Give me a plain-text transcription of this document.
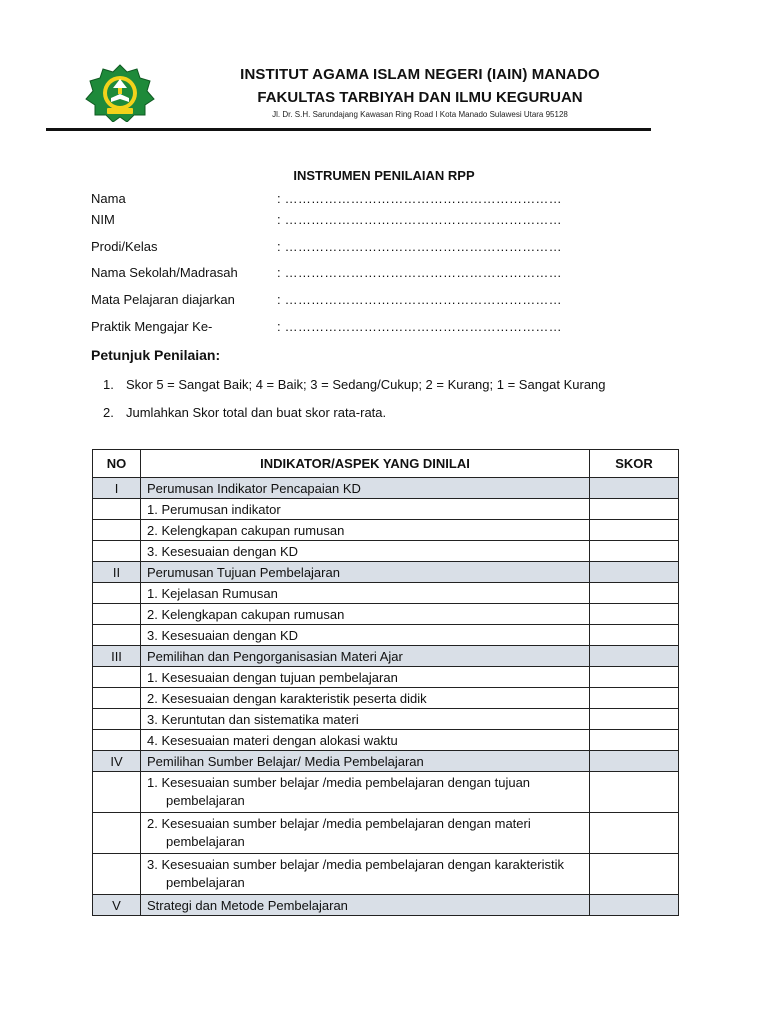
INSTITUT AGAMA ISLAM NEGERI (IAIN) MANADO
FAKULTAS TARBIYAH DAN ILMU KEGURUAN
Jl. Dr. S.H. Sarundajang Kawasan Ring Road I Kota Manado Sulawesi Utara 95128
INSTRUMEN PENILAIAN RPP
Nama	: ………………………………………………………
NIM	: ………………………………………………………
Prodi/Kelas	: ………………………………………………………
Nama Sekolah/Madrasah	: ………………………………………………………
Mata Pelajaran diajarkan	: ………………………………………………………
Praktik Mengajar Ke-	: ………………………………………………………
Petunjuk Penilaian:
1. Skor 5 = Sangat Baik; 4 = Baik; 3 = Sedang/Cukup; 2 = Kurang; 1 = Sangat Kurang
2. Jumlahkan Skor total dan buat skor rata-rata.
NO	INDIKATOR/ASPEK YANG DINILAI	SKOR
I	Perumusan Indikator Pencapaian KD	
	1. Perumusan indikator	
	2. Kelengkapan cakupan rumusan	
	3. Kesesuaian dengan KD	
II	Perumusan Tujuan Pembelajaran	
	1. Kejelasan Rumusan	
	2. Kelengkapan cakupan rumusan	
	3. Kesesuaian dengan KD	
III	Pemilihan dan Pengorganisasian Materi Ajar	
	1. Kesesuaian dengan tujuan pembelajaran	
	2. Kesesuaian dengan karakteristik peserta didik	
	3. Keruntutan dan sistematika materi	
	4. Kesesuaian materi dengan alokasi waktu	
IV	Pemilihan Sumber Belajar/ Media Pembelajaran	

	1. Kesesuaian sumber belajar /media pembelajaran dengan tujuan pembelajaran	

	2. Kesesuaian sumber belajar /media pembelajaran dengan materi pembelajaran	

	3. Kesesuaian sumber belajar /media pembelajaran dengan karakteristik pembelajaran	

V	Strategi dan Metode Pembelajaran	
